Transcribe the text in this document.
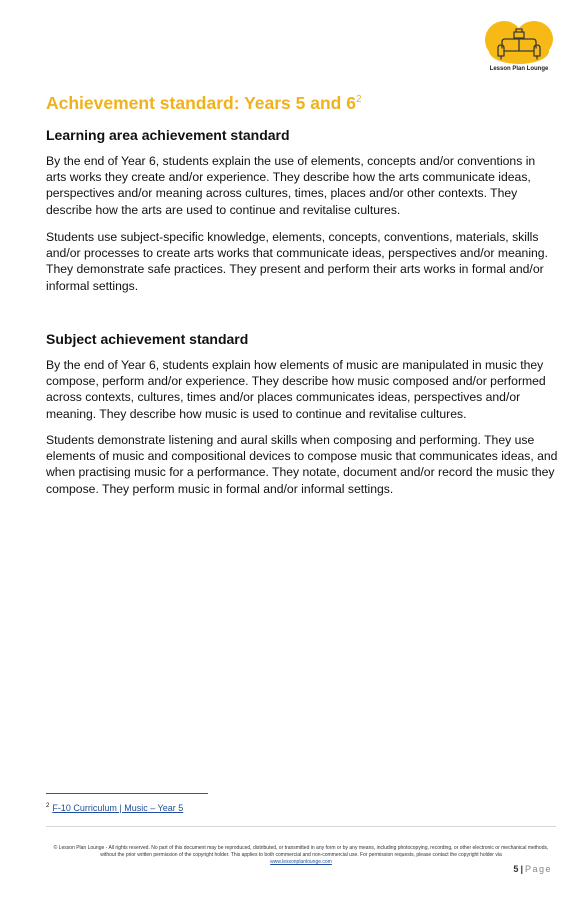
Lesson Plan Lounge
Achievement standard: Years 5 and $6^2$
Learning area achievement standard

By the end of Year 6, students explain the use of elements, concepts and/or conventions in arts works they create and/or experience. They describe how the arts communicate ideas, perspectives and/or meaning across cultures, times, places and/or other contexts. They describe how the arts are used to continue and revitalise cultures.

Students use subject-specific knowledge, elements, concepts, conventions, materials, skills and/or processes to create arts works that communicate ideas, perspectives and/or meaning. They demonstrate safe practices. They present and perform their arts works in formal and/or informal settings.

Subject achievement standard

By the end of Year 6, students explain how elements of music are manipulated in music they compose, perform and/or experience. They describe how music composed and/or performed across contexts, cultures, times and/or places communicates ideas, perspectives and/or meaning. They describe how music is used to continue and revitalise cultures.

Students demonstrate listening and aural skills when composing and performing. They use elements of music and compositional devices to compose music that communicates ideas, and when practising music for a performance. They notate, document and/or record the music they compose. They perform music in formal and/or informal settings.

$^2$ F-10 Curriculum | Music – Year 5
© Lesson Plan Lounge - All rights reserved. No part of this document may be reproduced, distributed, or transmitted in any form or by any means, including photocopying, recording, or other electronic or mechanical methods, without the prior written permission of the copyright holder. This applies to both commercial and non-commercial use. For permission requests, please contact the copyright holder via
www.lessonplanlounge.com
5 | Page
